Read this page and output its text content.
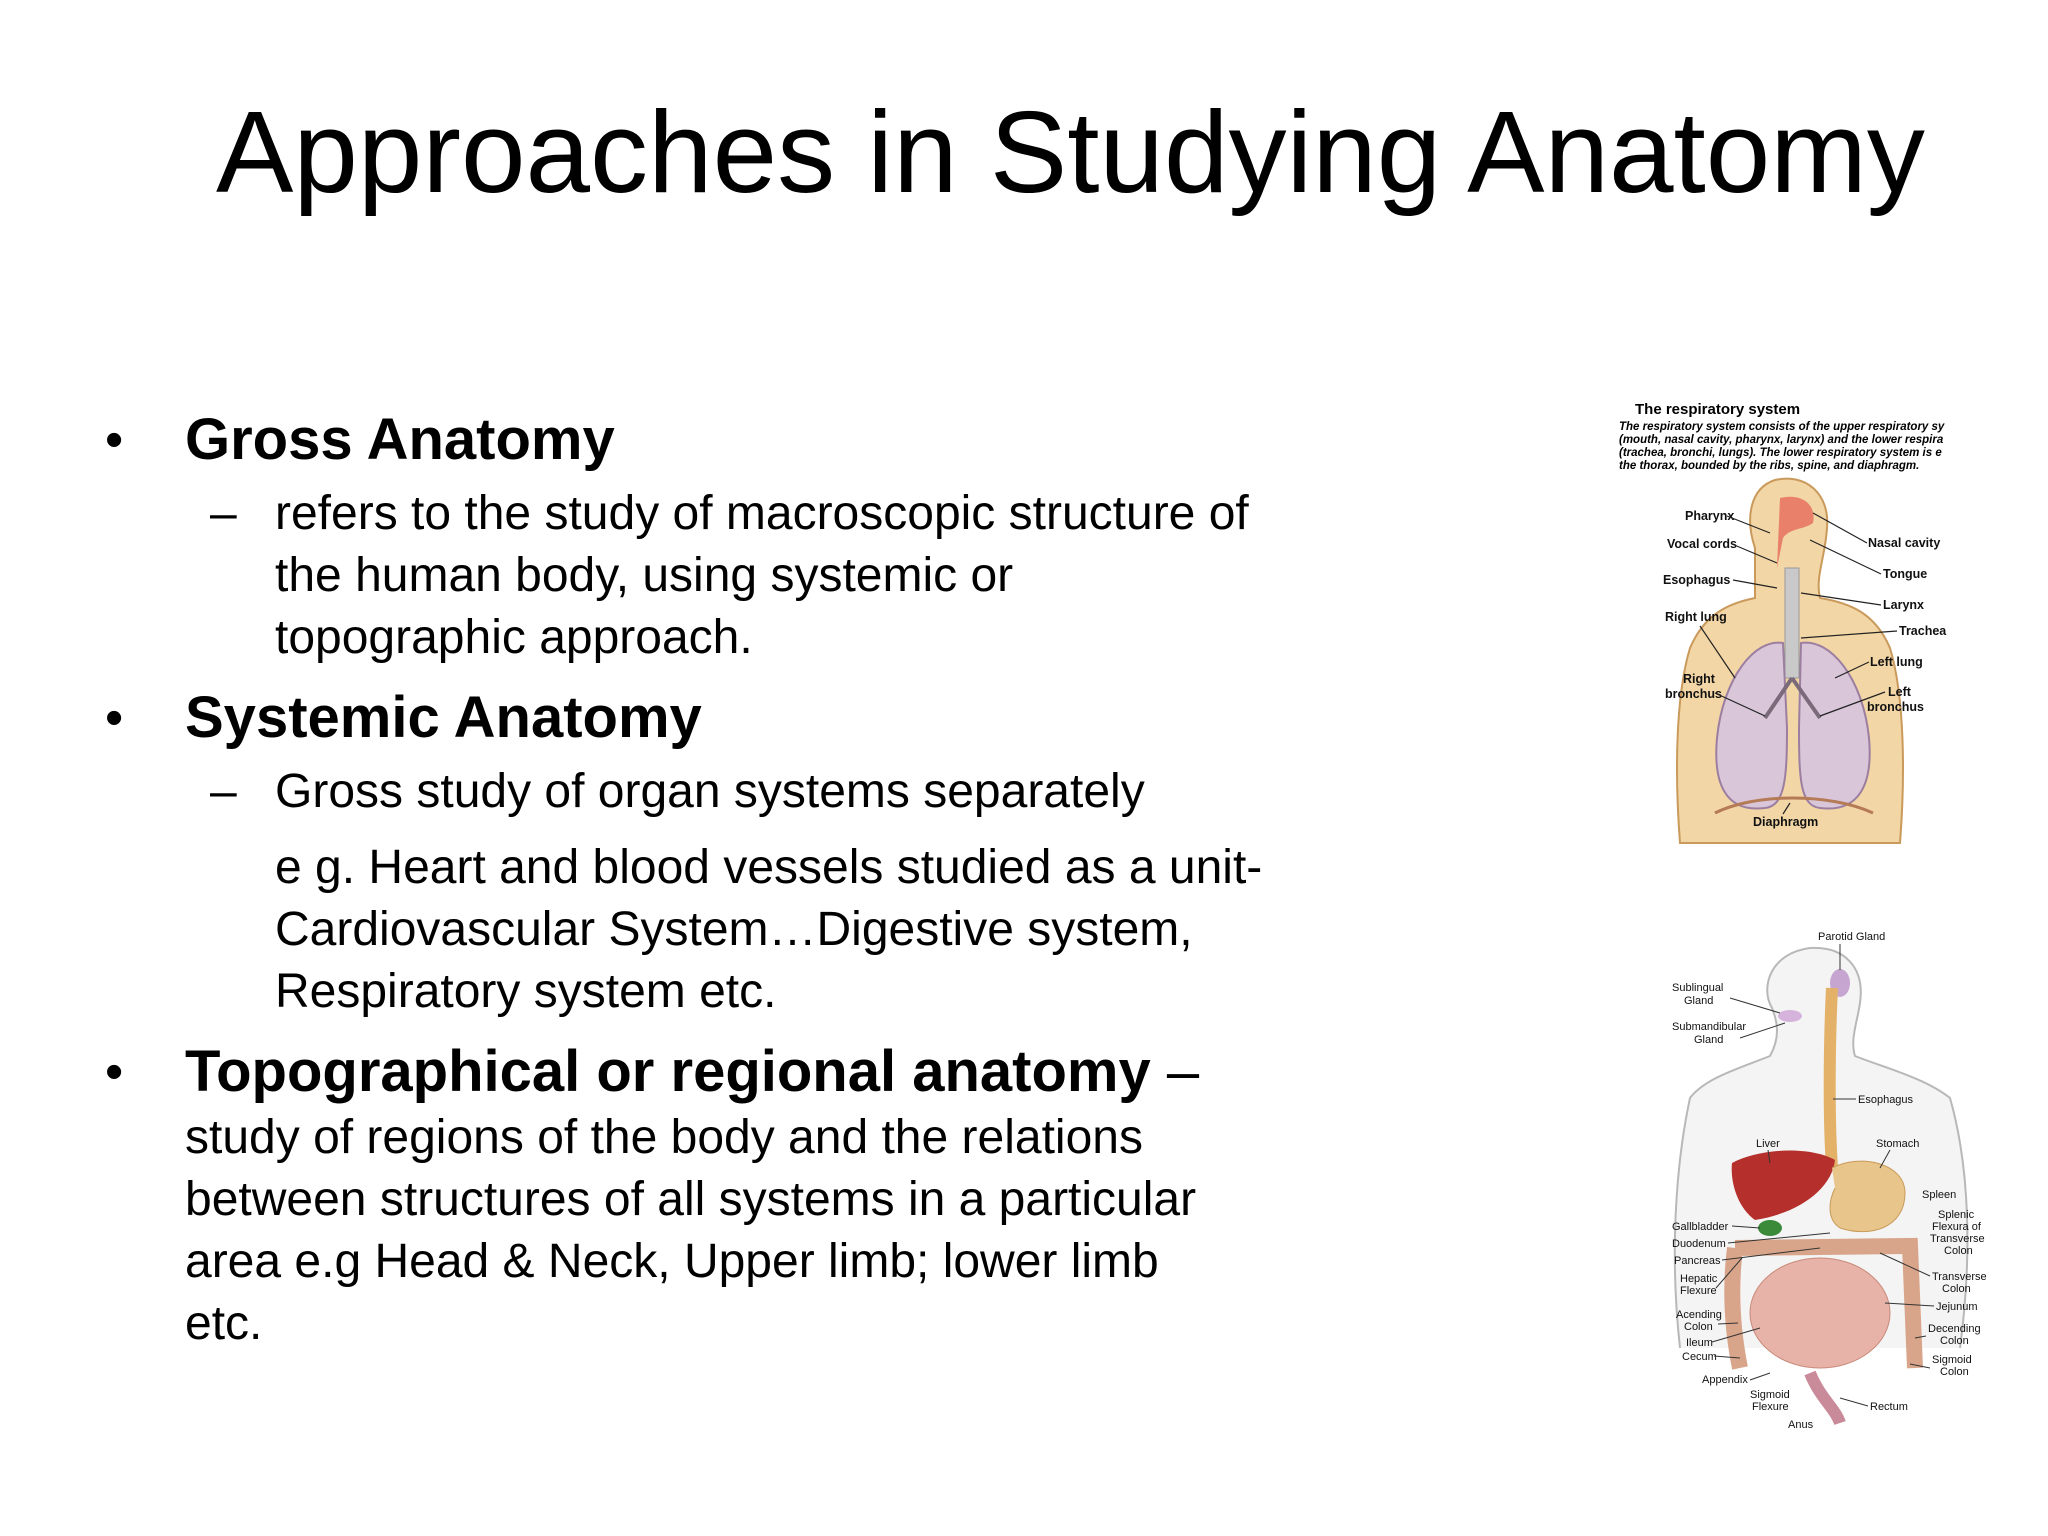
Approaches in Studying Anatomy
• Gross Anatomy
– refers to the study of macroscopic structure of
the human body, using systemic or
topographic approach.
• Systemic Anatomy
– Gross study of organ systems separately
e g. Heart and blood vessels studied as a unit-
Cardiovascular System…Digestive system,
Respiratory system etc.
• Topographical or regional anatomy –
study of regions of the body and the relations
between structures of all systems in a particular
area e.g Head & Neck, Upper limb; lower limb
etc.
The respiratory system
The respiratory system consists of the upper respiratory sy
(mouth, nasal cavity, pharynx, larynx) and the lower respira
(trachea, bronchi, lungs). The lower respiratory system is e
the thorax, bounded by the ribs, spine, and diaphragm.
Pharynx
Vocal cords
Esophagus
Right lung
Right
bronchus
Nasal cavity
Tongue
Larynx
Trachea
Left lung
Left
bronchus
Diaphragm
Parotid Gland
Sublingual
Gland
Submandibular
Gland
Esophagus
Liver	Stomach
Spleen
Splenic
Flexura of
Transverse
Colon
Gallbladder
Duodenum
Pancreas
Hepatic
Flexure
Transverse
Colon
Jejunum
Acending
Colon
Ileum
Cecum
Decending
Colon
Sigmoid
Colon
Appendix
Sigmoid
Flexure	Rectum
Anus
